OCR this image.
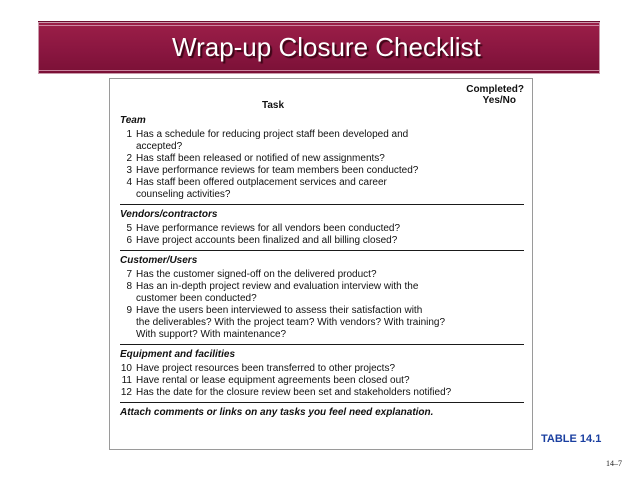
Wrap-up Closure Checklist
Task
Completed?
Yes/No
Team
1 Has a schedule for reducing project staff been developed and
accepted?
2 Has staff been released or notified of new assignments?
3 Have performance reviews for team members been conducted?
4 Has staff been offered outplacement services and career
counseling activities?
Vendors/contractors
5 Have performance reviews for all vendors been conducted?
6 Have project accounts been finalized and all billing closed?
Customer/Users
7 Has the customer signed-off on the delivered product?
8 Has an in-depth project review and evaluation interview with the
customer been conducted?
9 Have the users been interviewed to assess their satisfaction with
the deliverables? With the project team? With vendors? With training?
With support? With maintenance?
Equipment and facilities
10 Have project resources been transferred to other projects?
11 Have rental or lease equipment agreements been closed out?
12 Has the date for the closure review been set and stakeholders notified?
Attach comments or links on any tasks you feel need explanation.
TABLE 14.1
14–7
